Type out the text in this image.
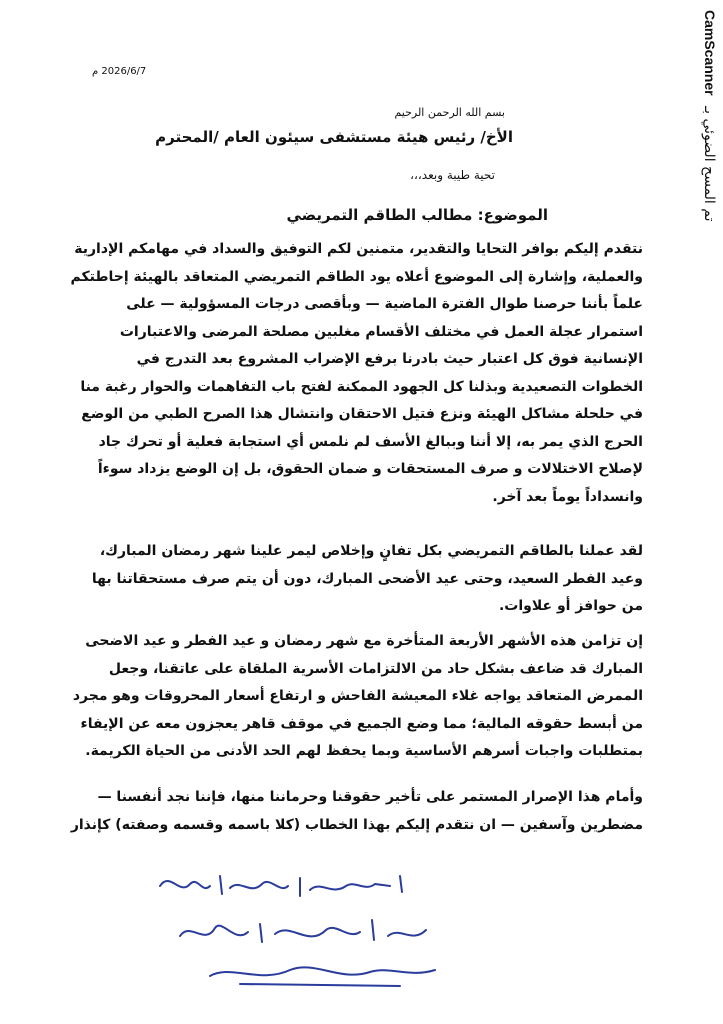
2026/6/7 م
تم المسح الضوئي بـ CamScanner
بسم الله الرحمن الرحيم
الأخ/ رئيس هيئة مستشفى سيئون العام /المحترم
تحية طيبة وبعد،،،
الموضوع: مطالب الطاقم التمريضي
نتقدم إليكم بوافر التحايا والتقدير، متمنين لكم التوفيق والسداد في مهامكم الإدارية
والعملية، وإشارة إلى الموضوع أعلاه يود الطاقم التمريضي المتعاقد بالهيئة إحاطتكم
علماً بأننا حرصنا طوال الفترة الماضية — وبأقصى درجات المسؤولية — على
استمرار عجلة العمل في مختلف الأقسام مغلبين مصلحة المرضى والاعتبارات
الإنسانية فوق كل اعتبار حيث بادرنا برفع الإضراب المشروع بعد التدرج في
الخطوات التصعيدية وبذلنا كل الجهود الممكنة لفتح باب التفاهمات والحوار رغبة منا
في حلحلة مشاكل الهيئة ونزع فتيل الاحتقان وانتشال هذا الصرح الطبي من الوضع
الحرج الذي يمر به، إلا أننا وببالغ الأسف لم نلمس أي استجابة فعلية أو تحرك جاد
لإصلاح الاختلالات و صرف المستحقات و ضمان الحقوق، بل إن الوضع يزداد سوءاً
وانسداداً يوماً بعد آخر.
لقد عملنا بالطاقم التمريضي بكل تفانٍ وإخلاص ليمر علينا شهر رمضان المبارك،
وعيد الفطر السعيد، وحتى عيد الأضحى المبارك، دون أن يتم صرف مستحقاتنا بها
من حوافز أو علاوات.
إن تزامن هذه الأشهر الأربعة المتأخرة مع شهر رمضان و عيد الفطر و عيد الاضحى
المبارك قد ضاعف بشكل حاد من الالتزامات الأسرية الملقاة على عاتقنا، وجعل
الممرض المتعاقد يواجه غلاء المعيشة الفاحش و ارتفاع أسعار المحروقات وهو مجرد
من أبسط حقوقه المالية؛ مما وضع الجميع في موقف قاهر يعجزون معه عن الإيفاء
بمتطلبات واجبات أسرهم الأساسية وبما يحفظ لهم الحد الأدنى من الحياة الكريمة.
وأمام هذا الإصرار المستمر على تأخير حقوقنا وحرماننا منها، فإننا نجد أنفسنا —
مضطرين وآسفين — ان نتقدم إليكم بهذا الخطاب (كلا باسمه وقسمه وصفته) كإنذار
